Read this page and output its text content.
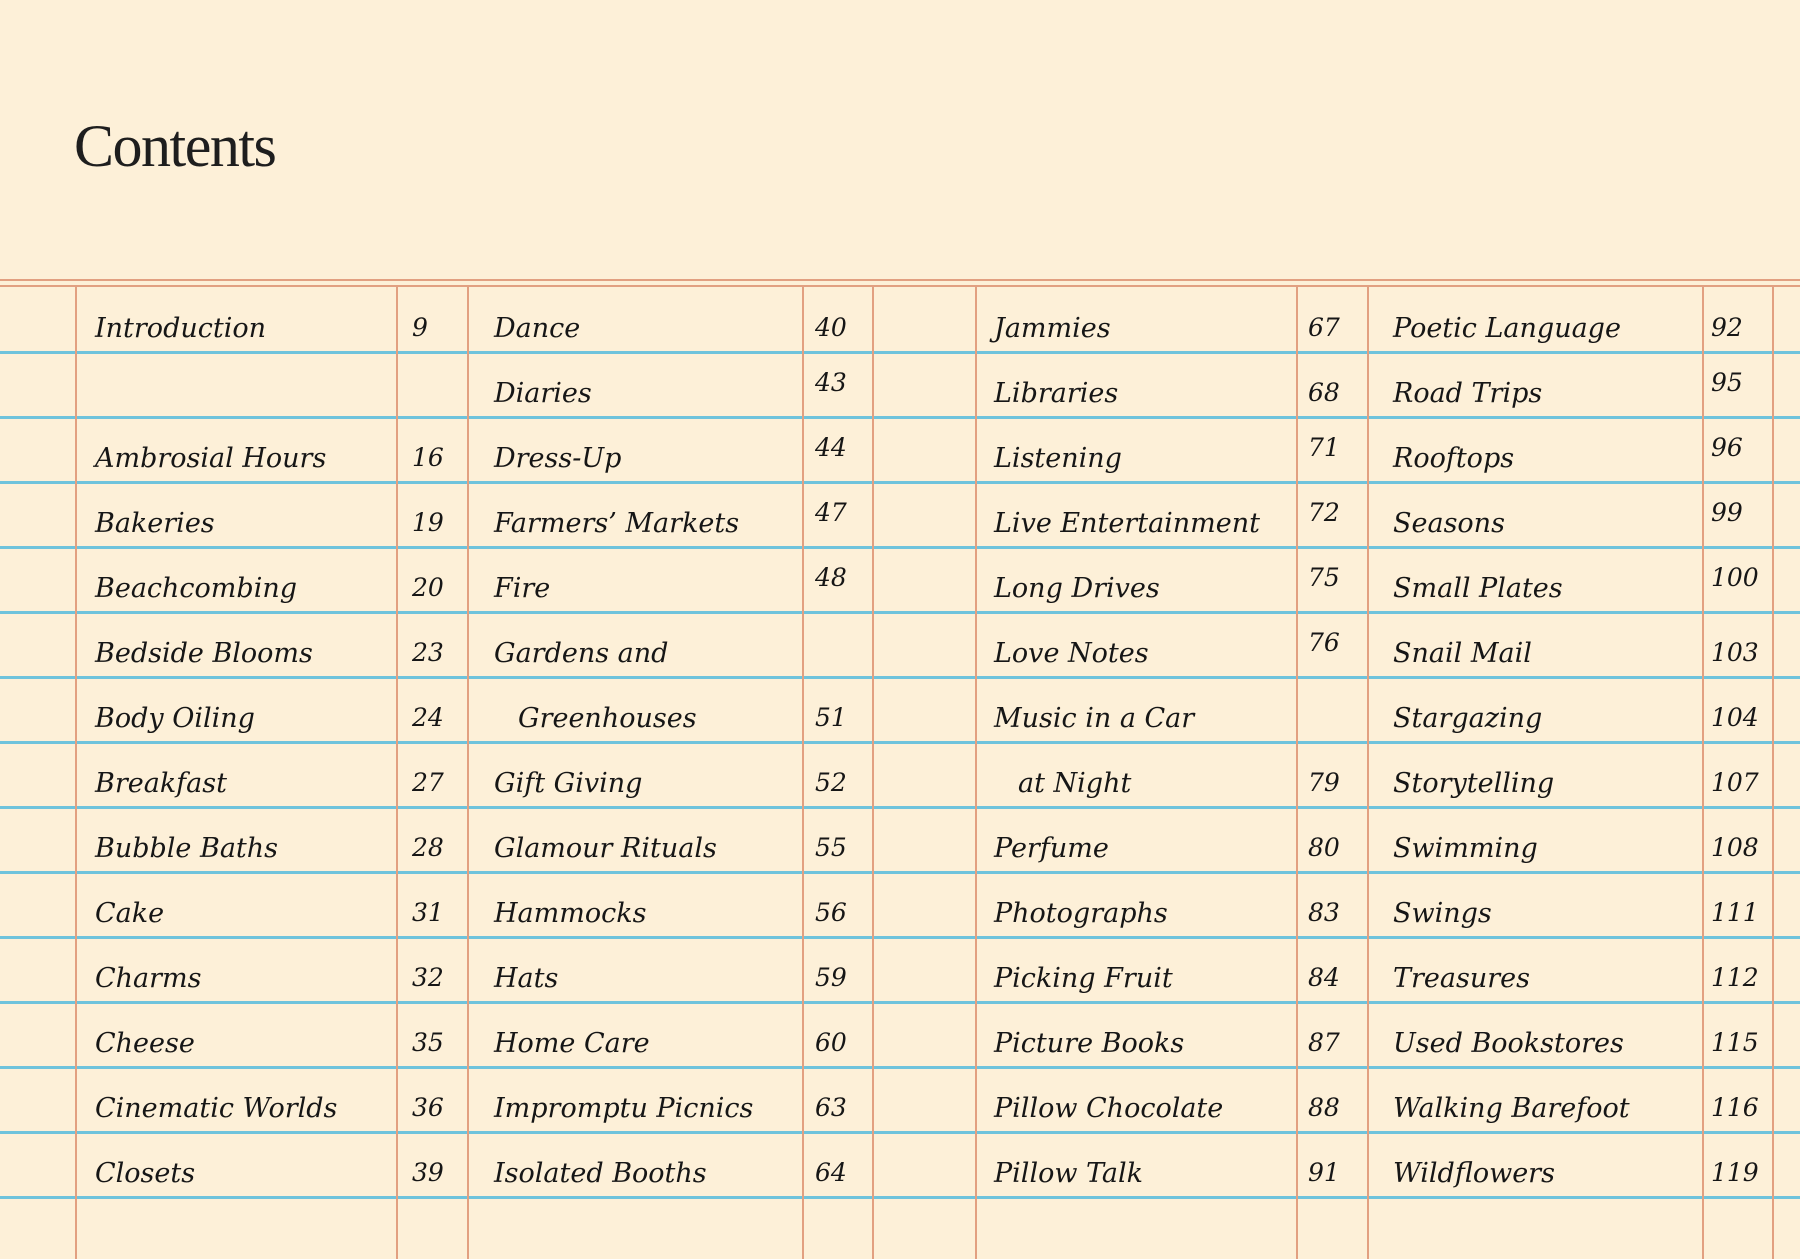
Contents
Introduction	9
Ambrosial Hours	16
Bakeries	19
Beachcombing	20
Bedside Blooms	23
Body Oiling	24
Breakfast	27
Bubble Baths	28
Cake	31
Charms	32
Cheese	35
Cinematic Worlds	36
Closets	39
Dance	40
Diaries	43
Dress-Up	44
Farmers’ Markets	47
Fire	48
Gardens and
Greenhouses	51
Gift Giving	52
Glamour Rituals	55
Hammocks	56
Hats	59
Home Care	60
Impromptu Picnics 63
Isolated Booths	64
Jammies	67
Libraries	68
Listening	71
Live Entertainment 72
Long Drives	75
Love Notes	76
Music in a Car
at Night	79
Perfume	80
Photographs	83
Picking Fruit	84
Picture Books	87
Pillow Chocolate	88
Pillow Talk	91
Poetic Language	92
Road Trips	95
Rooftops	96
Seasons	99
Small Plates	100
Snail Mail	103
Stargazing	104
Storytelling	107
Swimming	108
Swings	111
Treasures	112
Used Bookstores	115
Walking Barefoot	116
Wildflowers	119
